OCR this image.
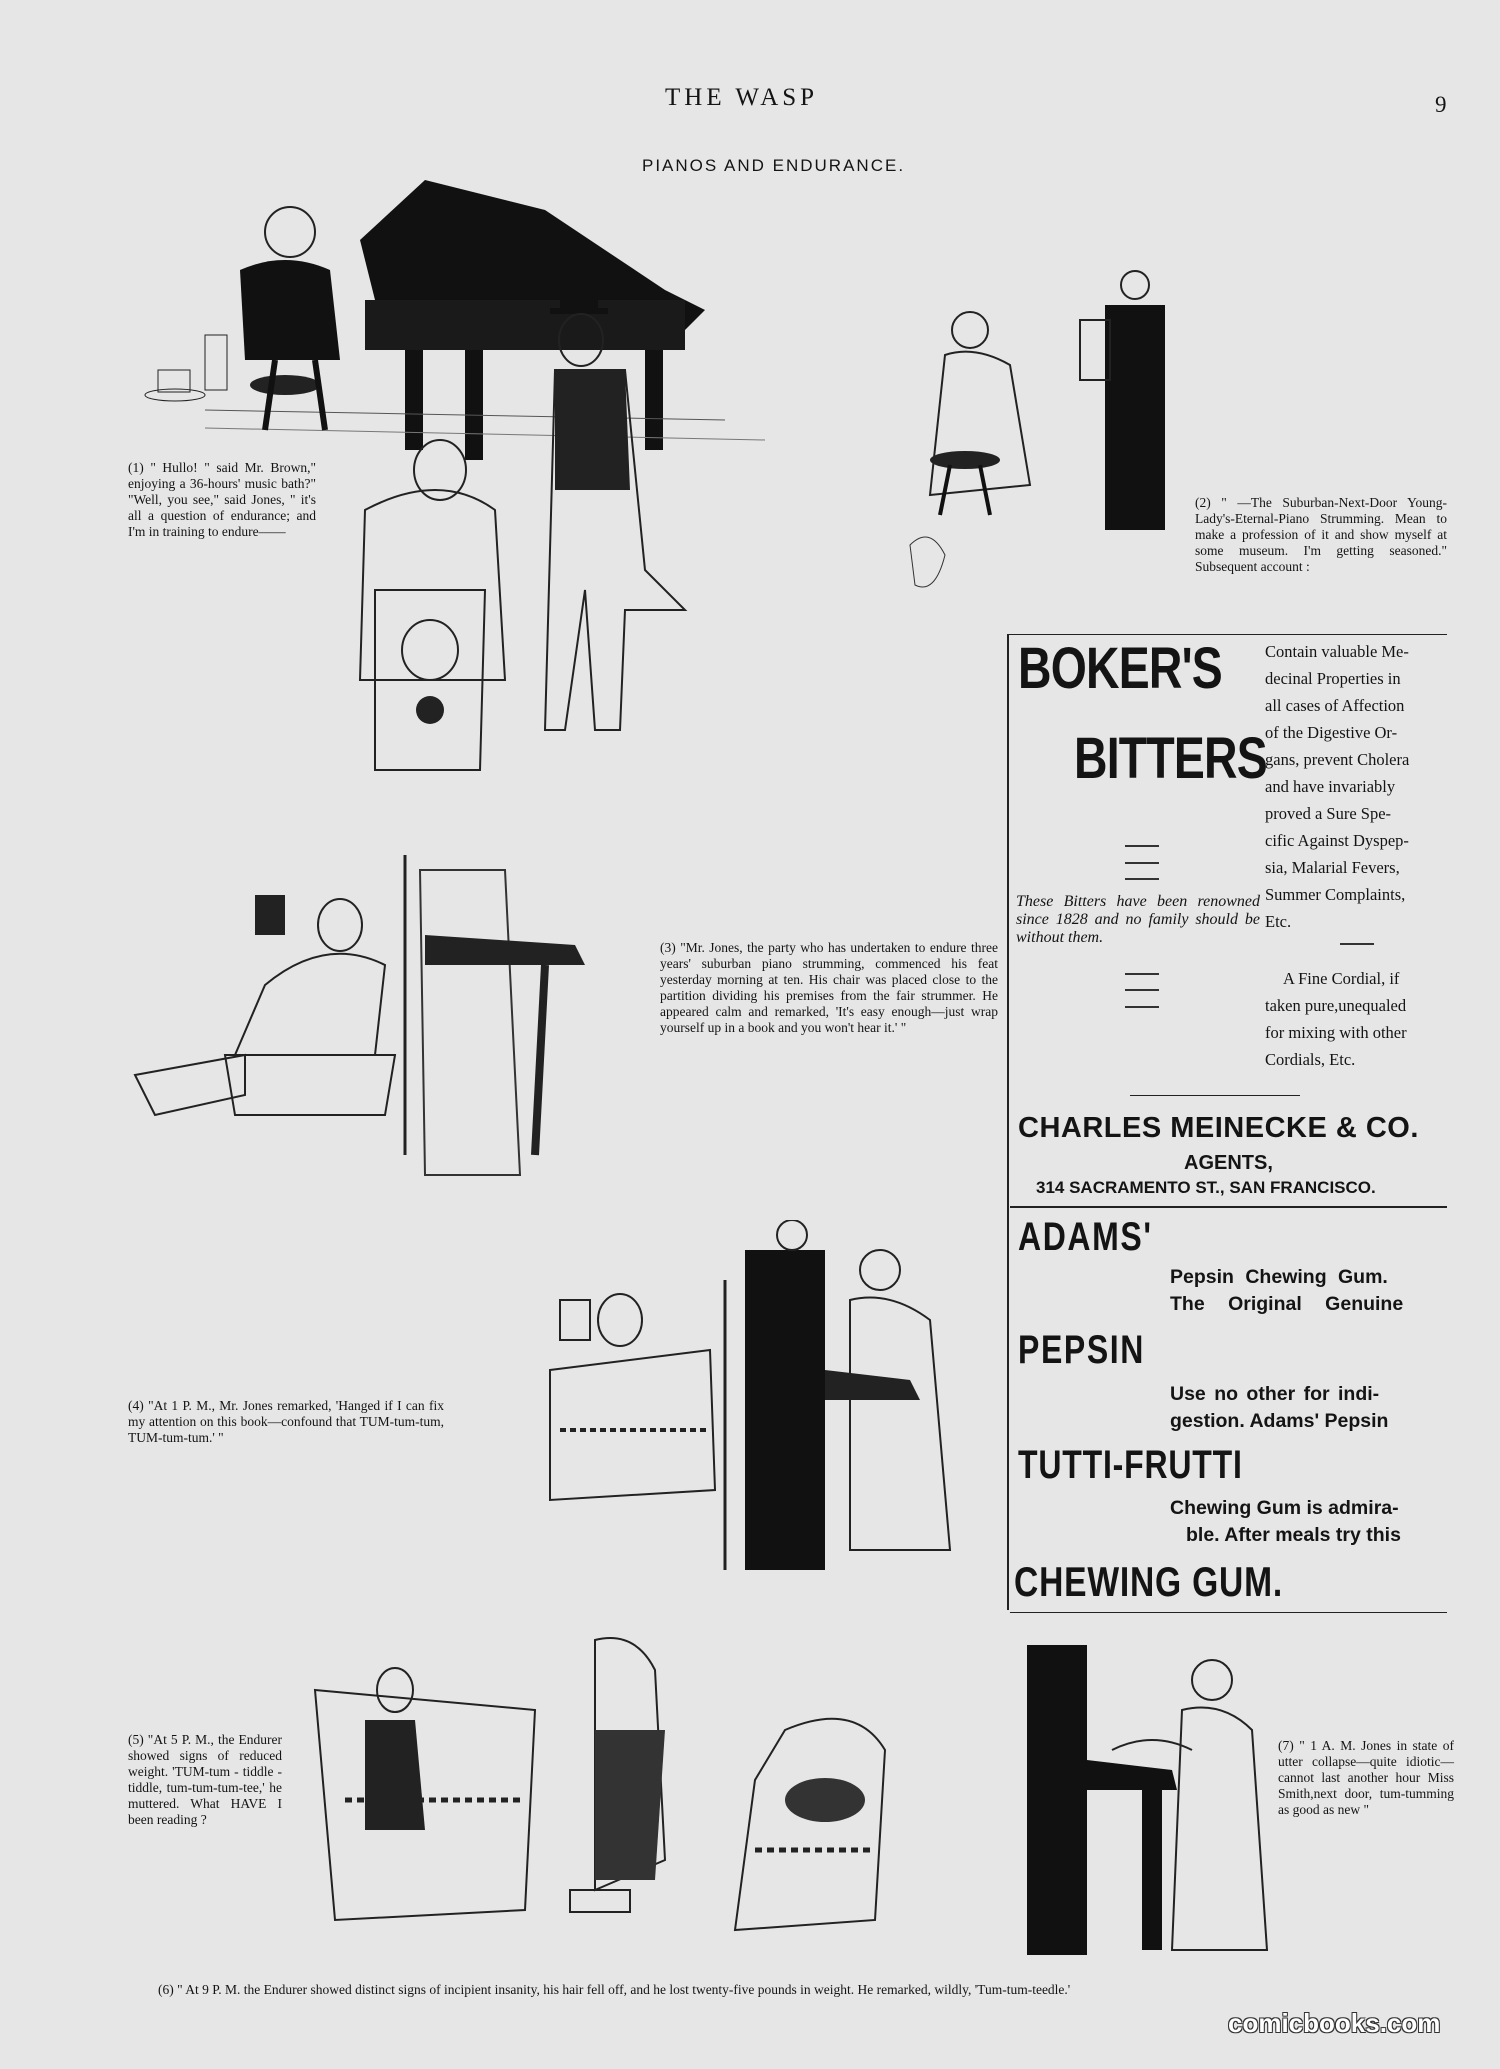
THE WASP	9
PIANOS AND ENDURANCE.
(1) " Hullo! " said Mr. Brown," enjoying a 36-hours' music bath?" "Well, you see," said Jones, " it's all a question of endurance; and I'm in training to endure——
(2) " —The Suburban-Next-Door Young-Lady's-Eternal-Piano Strumming. Mean to make a profession of it and show myself at some museum. I'm getting seasoned." Subsequent account :
(3) "Mr. Jones, the party who has undertaken to endure three years' suburban piano strumming, commenced his feat yesterday morning at ten. His chair was placed close to the partition dividing his premises from the fair strummer. He appeared calm and remarked, 'It's easy enough—just wrap yourself up in a book and you won't hear it.' "
(4) "At 1 P. M., Mr. Jones remarked, 'Hanged if I can fix my attention on this book—confound that TUM-tum-tum, TUM-tum-tum.' "
(5) "At 5 P. M., the Endurer showed signs of reduced weight. 'TUM-tum - tiddle - tiddle, tum-tum-tum-tee,' he muttered. What HAVE I been reading ?
(7) " 1 A. M. Jones in state of utter collapse—quite idiotic—cannot last another hour Miss Smith,next door, tum-tumming as good as new "
(6) " At 9 P. M. the Endurer showed distinct signs of incipient insanity, his hair fell off, and he lost twenty-five pounds in weight. He remarked, wildly, 'Tum-tum-teedle.'
BOKER'S
BITTERS
These Bitters have been renowned since 1828 and no family should be without them.
Contain valuable Me-
decinal Properties in
all cases of Affection
of the Digestive Or-
gans, prevent Cholera
and have invariably
proved a Sure Spe-
cific Against Dyspep-
sia, Malarial Fevers,
Summer Complaints,
Etc.
A Fine Cordial, if
taken pure,unequaled
for mixing with other
Cordials, Etc.
CHARLES MEINECKE & CO.
AGENTS,
314 SACRAMENTO ST., SAN FRANCISCO.
ADAMS'
Pepsin Chewing Gum.
The Original Genuine
PEPSIN
Use no other for indi-
gestion. Adams' Pepsin
TUTTI-FRUTTI
Chewing Gum is admira-
ble. After meals try this
CHEWING GUM.
comicbooks.com
